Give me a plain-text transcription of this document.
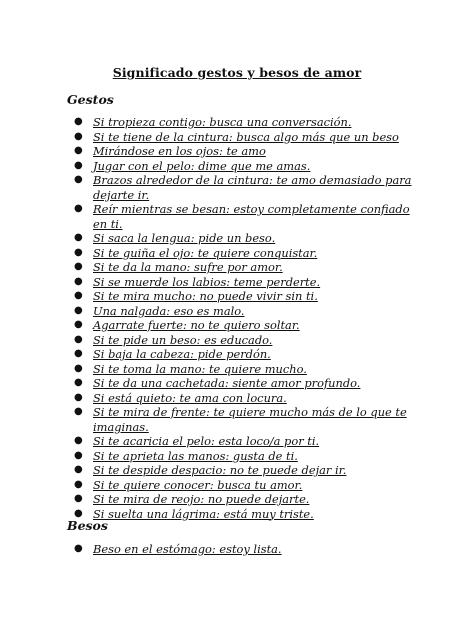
Significado gestos y besos de amor
Gestos
● Si tropieza contigo: busca una conversación.
● Si te tiene de la cintura: busca algo más que un beso
● Mirándose en los ojos: te amo
● Jugar con el pelo: dime que me amas.
● Brazos alrededor de la cintura: te amo demasiado para dejarte ir.
● Reír mientras se besan: estoy completamente confiado en ti.
● Si saca la lengua: pide un beso.
● Si te guiña el ojo: te quiere conquistar.
● Si te da la mano: sufre por amor.
● Si se muerde los labios: teme perderte.
● Si te mira mucho: no puede vivir sin ti.
● Una nalgada: eso es malo.
● Agarrate fuerte: no te quiero soltar.
● Si te pide un beso: es educado.
● Si baja la cabeza: pide perdón.
● Si te toma la mano: te quiere mucho.
● Si te da una cachetada: siente amor profundo.
● Si está quieto: te ama con locura.
● Si te mira de frente: te quiere mucho más de lo que te imaginas.
● Si te acaricia el pelo: esta loco/a por ti.
● Si te aprieta las manos: gusta de ti.
● Si te despide despacio: no te puede dejar ir.
● Si te quiere conocer: busca tu amor.
● Si te mira de reojo: no puede dejarte.
● Si suelta una lágrima: está muy triste.
Besos
● Beso en el estómago: estoy lista.
